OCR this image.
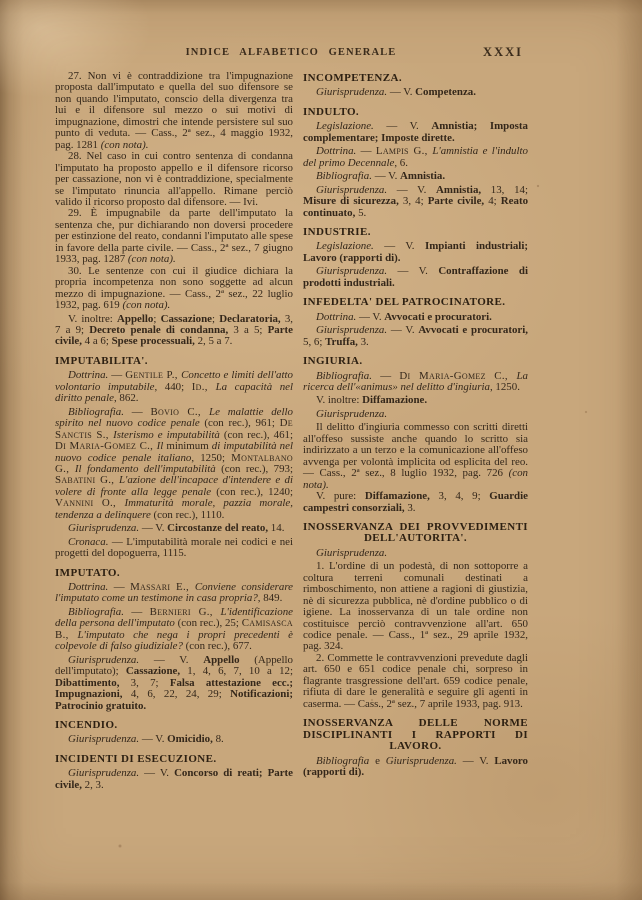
INDICE ALFABETICO GENERALE	XXXI

27. Non vi è contraddizione tra l'impugnazione proposta dall'imputato e quella del suo difensore se non quando l'imputato, conscio della divergenza tra lui e il difensore sul mezzo o sui motivi di impugnazione, dimostri che intende persistere sul suo punto di veduta. — Cass., 2ª sez., 4 maggio 1932, pag. 1281 (con nota).

28. Nel caso in cui contro sentenza di condanna l'imputato ha proposto appello e il difensore ricorso per cassazione, non vi è contraddizione, specialmente se l'imputato rinuncia all'appello. Rimane perciò valido il ricorso proposto dal difensore. — Ivi.

29. È impugnabile da parte dell'imputato la sentenza che, pur dichiarando non doversi procedere per estinzione del reato, condanni l'imputato alle spese in favore della parte civile. — Cass., 2ª sez., 7 giugno 1933, pag. 1287 (con nota).

30. Le sentenze con cui il giudice dichiara la propria incompetenza non sono soggette ad alcun mezzo di impugnazione. — Cass., 2ª sez., 22 luglio 1932, pag. 619 (con nota).

V. inoltre: Appello; Cassazione; Declaratoria, 3, 7 a 9; Decreto penale di condanna, 3 a 5; Parte civile, 4 a 6; Spese processuali, 2, 5 a 7.

IMPUTABILITA'.

Dottrina. — Gentile P., Concetto e limiti dell'atto volontario imputabile, 440; Id., La capacità nel diritto penale, 862.

Bibliografia. — Bovio C., Le malattie dello spirito nel nuovo codice penale (con rec.), 961; De Sanctis S., Isterismo e imputabilità (con rec.), 461; Di Maria-Gomez C., Il minimum di imputabilità nel nuovo codice penale italiano, 1250; Montalbano G., Il fondamento dell'imputabilità (con rec.), 793; Sabatini G., L'azione dell'incapace d'intendere e di volere di fronte alla legge penale (con rec.), 1240; Vannini O., Immaturità morale, pazzia morale, tendenza a delinquere (con rec.), 1110.

Giurisprudenza. — V. Circostanze del reato, 14.

Cronaca. — L'imputabilità morale nei codici e nei progetti del dopoguerra, 1115.

IMPUTATO.

Dottrina. — Massari E., Conviene considerare l'imputato come un testimone in casa propria?, 849.

Bibliografia. — Bernieri G., L'identificazione della persona dell'imputato (con rec.), 25; Camisasca B., L'imputato che nega i propri precedenti è colpevole di falso giudiziale? (con rec.), 677.

Giurisprudenza. — V. Appello (Appello dell'imputato); Cassazione, 1, 4, 6, 7, 10 a 12; Dibattimento, 3, 7; Falsa attestazione ecc.; Impugnazioni, 4, 6, 22, 24, 29; Notificazioni; Patrocinio gratuito.

INCENDIO.

Giurisprudenza. — V. Omicidio, 8.

INCIDENTI DI ESECUZIONE.

Giurisprudenza. — V. Concorso di reati; Parte civile, 2, 3.

INCOMPETENZA.

Giurisprudenza. — V. Competenza.

INDULTO.

Legislazione. — V. Amnistia; Imposta complementare; Imposte dirette.

Dottrina. — Lampis G., L'amnistia e l'indulto del primo Decennale, 6.

Bibliografia. — V. Amnistia.

Giurisprudenza. — V. Amnistia, 13, 14; Misure di sicurezza, 3, 4; Parte civile, 4; Reato continuato, 5.

INDUSTRIE.

Legislazione. — V. Impianti industriali; Lavoro (rapporti di).

Giurisprudenza. — V. Contraffazione di prodotti industriali.

INFEDELTA' DEL PATROCINATORE.

Dottrina. — V. Avvocati e procuratori.

Giurisprudenza. — V. Avvocati e procuratori, 5, 6; Truffa, 3.

INGIURIA.

Bibliografia. — Di Maria-Gomez C., La ricerca dell'«animus» nel delitto d'ingiuria, 1250.

V. inoltre: Diffamazione.

Giurisprudenza.

Il delitto d'ingiuria commesso con scritti diretti all'offeso sussiste anche quando lo scritto sia indirizzato a un terzo e la comunicazione all'offeso avvenga per volontà implicita od esplicita del reo. — Cass., 2ª sez., 8 luglio 1932, pag. 726 (con nota).

V. pure: Diffamazione, 3, 4, 9; Guardie campestri consorziali, 3.

INOSSERVANZA DEI PROVVEDIMENTI DELL'AUTORITA'.

Giurisprudenza.

1. L'ordine di un podestà, di non sottoporre a coltura terreni comunali destinati a rimboschimento, non attiene a ragioni di giustizia, nè di sicurezza pubblica, nè d'ordine pubblico o di igiene. La inosservanza di un tale ordine non costituisce perciò contravvenzione all'art. 650 codice penale. — Cass., 1ª sez., 29 aprile 1932, pag. 324.

2. Commette le contravvenzioni prevedute dagli art. 650 e 651 codice penale chi, sorpreso in flagrante trasgressione dell'art. 659 codice penale, rifiuta di dare le generalità e seguire gli agenti in caserma. — Cass., 2ª sez., 7 aprile 1933, pag. 913.

INOSSERVANZA DELLE NORME DISCIPLINANTI I RAPPORTI DI LAVORO.

Bibliografia e Giurisprudenza. — V. Lavoro (rapporti di).
